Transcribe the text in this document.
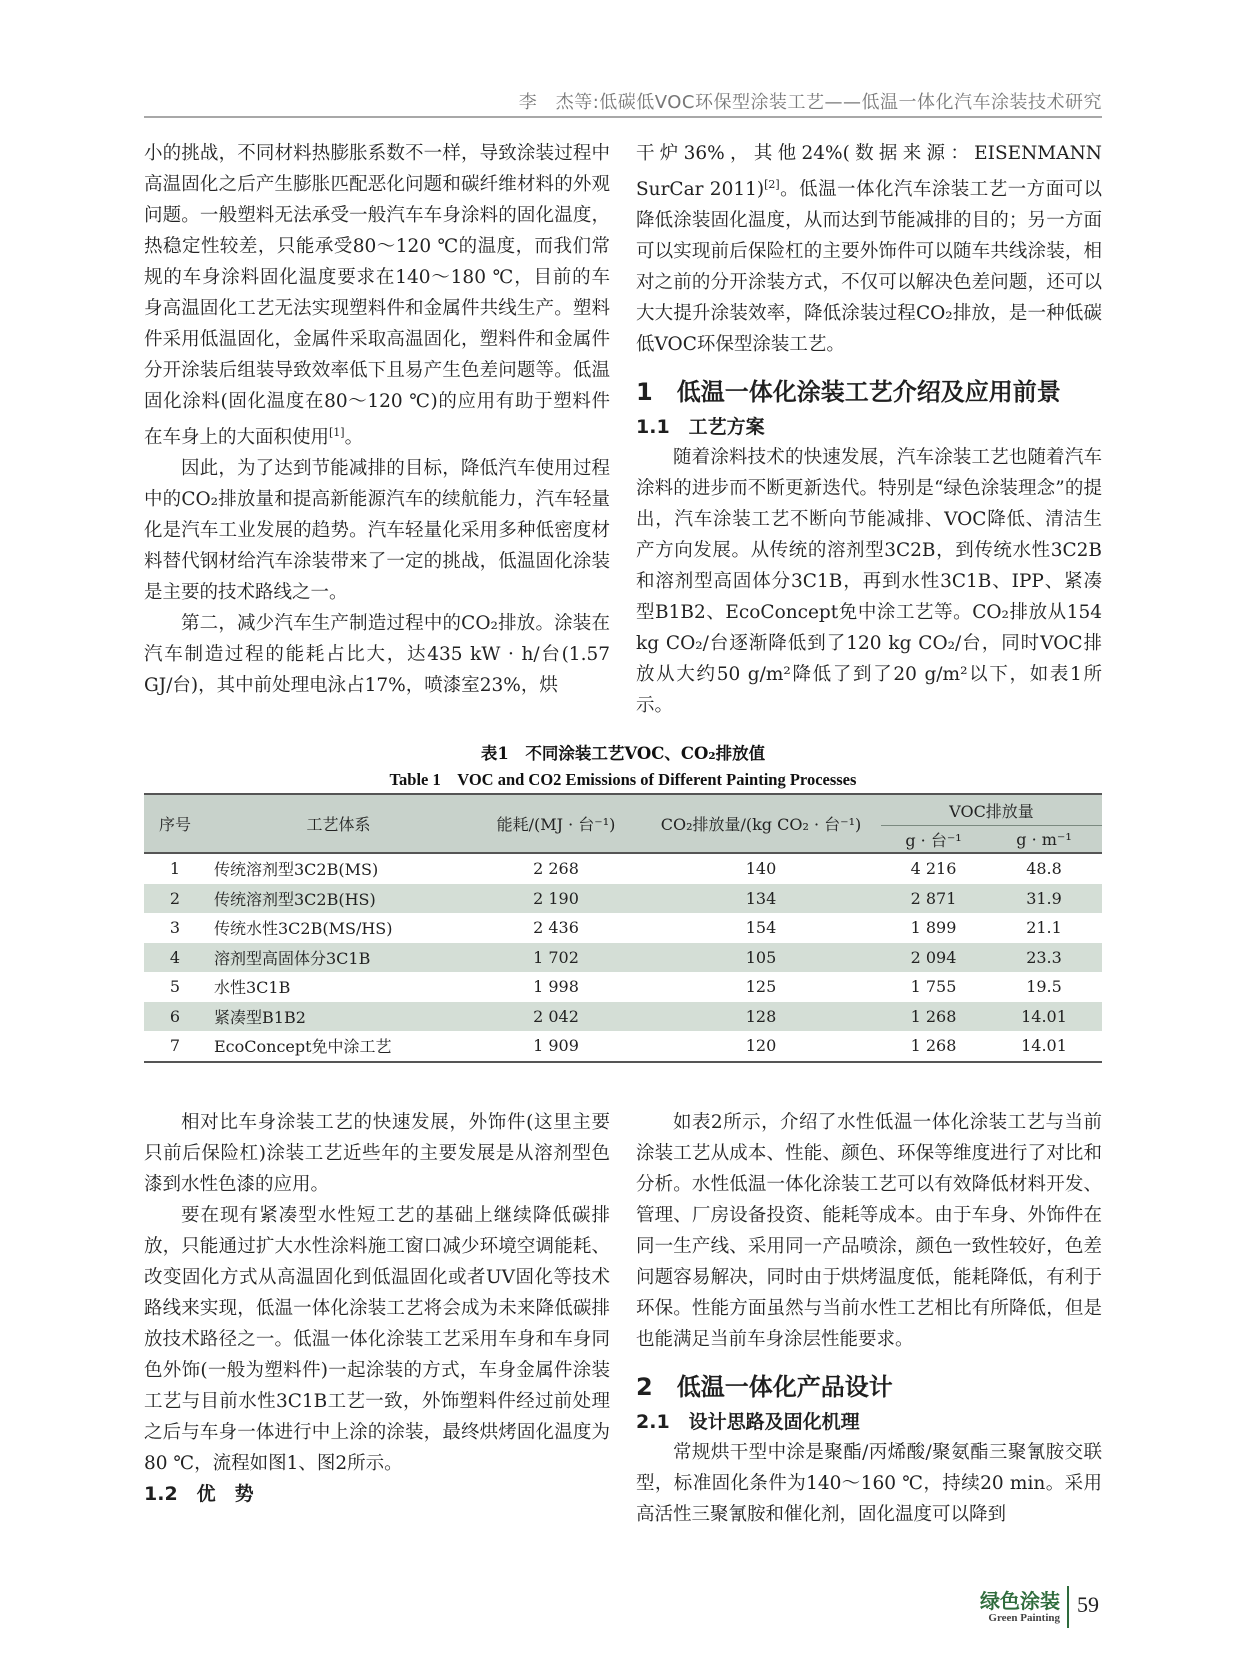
李　杰等:低碳低VOC环保型涂装工艺——低温一体化汽车涂装技术研究

小的挑战，不同材料热膨胀系数不一样，导致涂装过程中高温固化之后产生膨胀匹配恶化问题和碳纤维材料的外观问题。一般塑料无法承受一般汽车车身涂料的固化温度，热稳定性较差，只能承受80～120 ℃的温度，而我们常规的车身涂料固化温度要求在140～180 ℃，目前的车身高温固化工艺无法实现塑料件和金属件共线生产。塑料件采用低温固化，金属件采取高温固化，塑料件和金属件分开涂装后组装导致效率低下且易产生色差问题等。低温固化涂料(固化温度在80～120 ℃)的应用有助于塑料件在车身上的大面积使用[1]。

因此，为了达到节能减排的目标，降低汽车使用过程中的CO₂排放量和提高新能源汽车的续航能力，汽车轻量化是汽车工业发展的趋势。汽车轻量化采用多种低密度材料替代钢材给汽车涂装带来了一定的挑战，低温固化涂装是主要的技术路线之一。

第二，减少汽车生产制造过程中的CO₂排放。涂装在汽车制造过程的能耗占比大，达435 kW · h/台(1.57 GJ/台)，其中前处理电泳占17%，喷漆室23%，烘

干炉36%，其他24%(数据来源：EISENMANN SurCar 2011)[2]。低温一体化汽车涂装工艺一方面可以降低涂装固化温度，从而达到节能减排的目的；另一方面可以实现前后保险杠的主要外饰件可以随车共线涂装，相对之前的分开涂装方式，不仅可以解决色差问题，还可以大大提升涂装效率，降低涂装过程CO₂排放，是一种低碳低VOC环保型涂装工艺。

1　低温一体化涂装工艺介绍及应用前景
1.1　工艺方案

随着涂料技术的快速发展，汽车涂装工艺也随着汽车涂料的进步而不断更新迭代。特别是“绿色涂装理念”的提出，汽车涂装工艺不断向节能减排、VOC降低、清洁生产方向发展。从传统的溶剂型3C2B，到传统水性3C2B和溶剂型高固体分3C1B，再到水性3C1B、IPP、紧凑型B1B2、EcoConcept免中涂工艺等。CO₂排放从154 kg CO₂/台逐渐降低到了120 kg CO₂/台，同时VOC排放从大约50 g/m²降低了到了20 g/m²以下，如表1所示。

表1　不同涂装工艺VOC、CO₂排放值
Table 1　VOC and CO2 Emissions of Different Painting Processes
序号	工艺体系	能耗/(MJ · 台⁻¹)	CO₂排放量/(kg CO₂ · 台⁻¹)	VOC排放量	
				g · 台⁻¹	g · m⁻¹
1	传统溶剂型3C2B(MS)	2 268	140	4 216	48.8
2	传统溶剂型3C2B(HS)	2 190	134	2 871	31.9
3	传统水性3C2B(MS/HS)	2 436	154	1 899	21.1
4	溶剂型高固体分3C1B	1 702	105	2 094	23.3
5	水性3C1B	1 998	125	1 755	19.5
6	紧凑型B1B2	2 042	128	1 268	14.01
7	EcoConcept免中涂工艺	1 909	120	1 268	14.01

相对比车身涂装工艺的快速发展，外饰件(这里主要只前后保险杠)涂装工艺近些年的主要发展是从溶剂型色漆到水性色漆的应用。

要在现有紧凑型水性短工艺的基础上继续降低碳排放，只能通过扩大水性涂料施工窗口减少环境空调能耗、改变固化方式从高温固化到低温固化或者UV固化等技术路线来实现，低温一体化涂装工艺将会成为未来降低碳排放技术路径之一。低温一体化涂装工艺采用车身和车身同色外饰(一般为塑料件)一起涂装的方式，车身金属件涂装工艺与目前水性3C1B工艺一致，外饰塑料件经过前处理之后与车身一体进行中上涂的涂装，最终烘烤固化温度为80 ℃，流程如图1、图2所示。

1.2　优　势

如表2所示，介绍了水性低温一体化涂装工艺与当前涂装工艺从成本、性能、颜色、环保等维度进行了对比和分析。水性低温一体化涂装工艺可以有效降低材料开发、管理、厂房设备投资、能耗等成本。由于车身、外饰件在同一生产线、采用同一产品喷涂，颜色一致性较好，色差问题容易解决，同时由于烘烤温度低，能耗降低，有利于环保。性能方面虽然与当前水性工艺相比有所降低，但是也能满足当前车身涂层性能要求。

2　低温一体化产品设计
2.1　设计思路及固化机理

常规烘干型中涂是聚酯/丙烯酸/聚氨酯三聚氰胺交联型，标准固化条件为140～160 ℃，持续20 min。采用高活性三聚氰胺和催化剂，固化温度可以降到

绿色涂装
Green Painting
59
